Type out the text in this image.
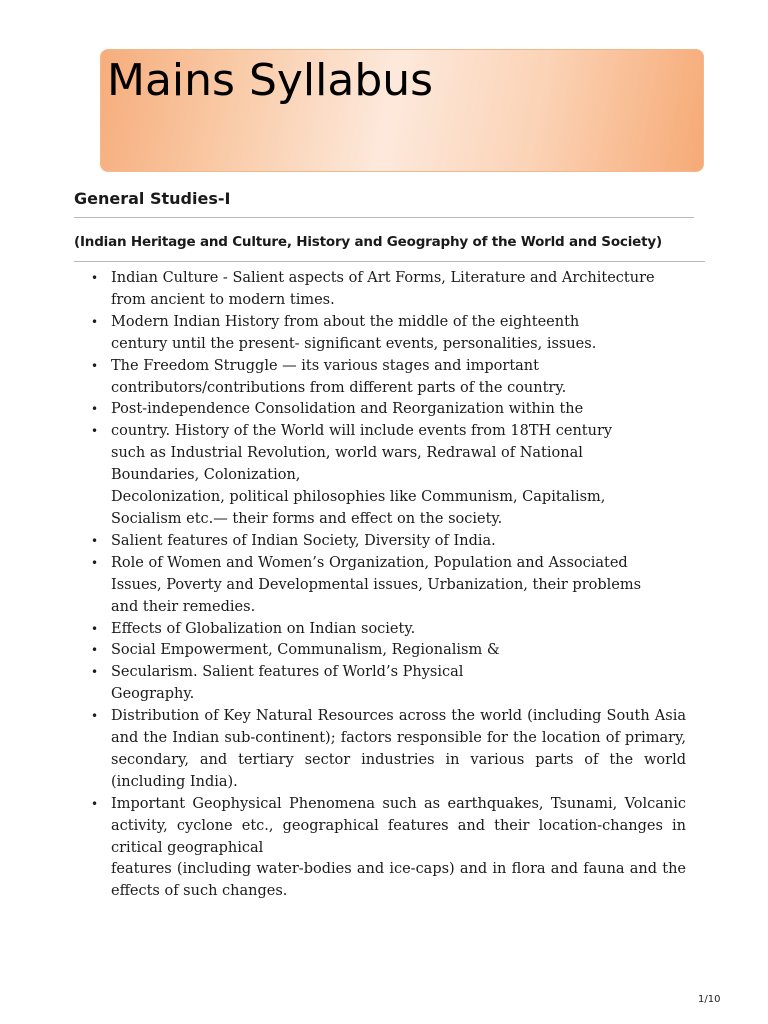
Mains Syllabus
General Studies-I
(Indian Heritage and Culture, History and Geography of the World and Society)
• Indian Culture - Salient aspects of Art Forms, Literature and Architecture
from ancient to modern times.
• Modern Indian History from about the middle of the eighteenth
century until the present- significant events, personalities, issues.
• The Freedom Struggle — its various stages and important
contributors/contributions from different parts of the country.
• Post-independence Consolidation and Reorganization within the
• country. History of the World will include events from 18TH century
such as Industrial Revolution, world wars, Redrawal of National
Boundaries, Colonization,
Decolonization, political philosophies like Communism, Capitalism,
Socialism etc.— their forms and effect on the society.
• Salient features of Indian Society, Diversity of India.
• Role of Women and Women’s Organization, Population and Associated
Issues, Poverty and Developmental issues, Urbanization, their problems
and their remedies.
• Effects of Globalization on Indian society.
• Social Empowerment, Communalism, Regionalism &
• Secularism. Salient features of World’s Physical
Geography.
• Distribution of Key Natural Resources across the world (including South Asia and the Indian sub-continent); factors responsible for the location of primary, secondary, and tertiary sector industries in various parts of the world (including India).
• Important Geophysical Phenomena such as earthquakes, Tsunami, Volcanic activity, cyclone etc., geographical features and their location-changes in critical geographical
features (including water-bodies and ice-caps) and in flora and fauna and the effects of such changes.
1/10
